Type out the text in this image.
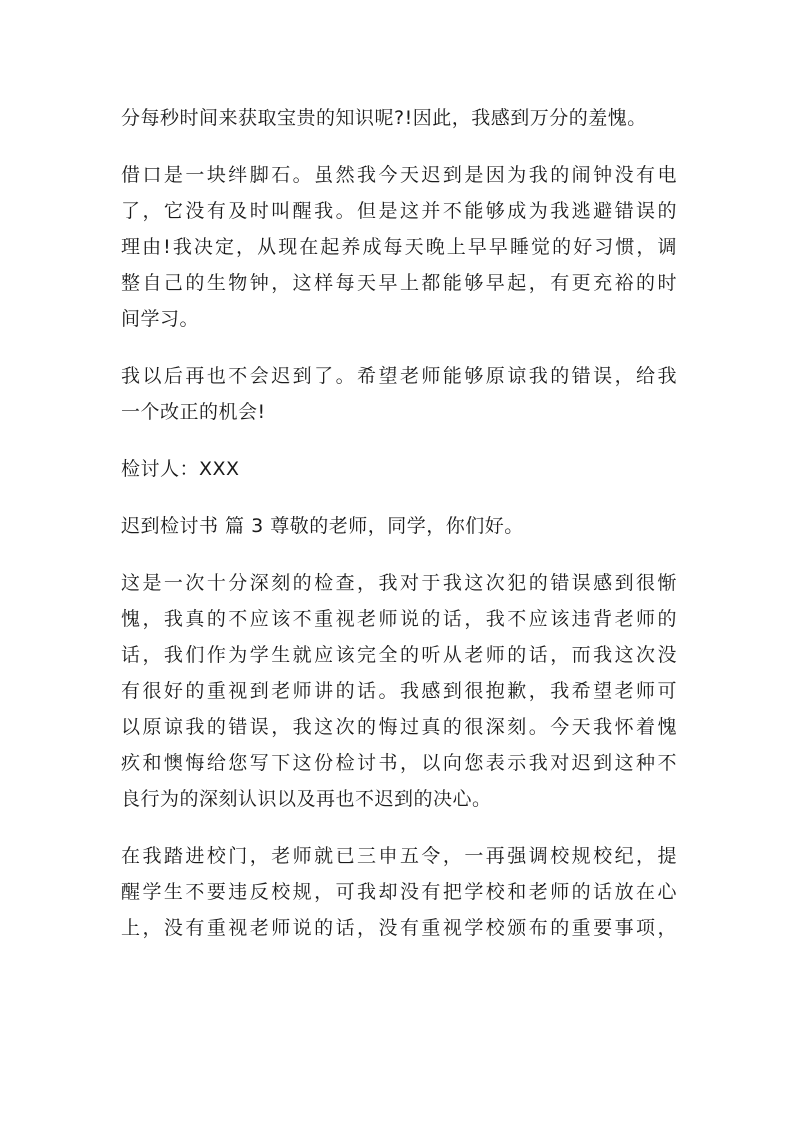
分每秒时间来获取宝贵的知识呢?!因此，我感到万分的羞愧。

借口是一块绊脚石。虽然我今天迟到是因为我的闹钟没有电
了，它没有及时叫醒我。但是这并不能够成为我逃避错误的
理由!我决定，从现在起养成每天晚上早早睡觉的好习惯，调
整自己的生物钟，这样每天早上都能够早起，有更充裕的时
间学习。

我以后再也不会迟到了。希望老师能够原谅我的错误，给我
一个改正的机会!

检讨人：XXX

迟到检讨书 篇 3 尊敬的老师，同学，你们好。

这是一次十分深刻的检查，我对于我这次犯的错误感到很惭
愧，我真的不应该不重视老师说的话，我不应该违背老师的
话，我们作为学生就应该完全的听从老师的话，而我这次没
有很好的重视到老师讲的话。我感到很抱歉，我希望老师可
以原谅我的错误，我这次的悔过真的很深刻。今天我怀着愧
疚和懊悔给您写下这份检讨书，以向您表示我对迟到这种不
良行为的深刻认识以及再也不迟到的决心。

在我踏进校门，老师就已三申五令，一再强调校规校纪，提
醒学生不要违反校规，可我却没有把学校和老师的话放在心
上，没有重视老师说的话，没有重视学校颁布的重要事项，
